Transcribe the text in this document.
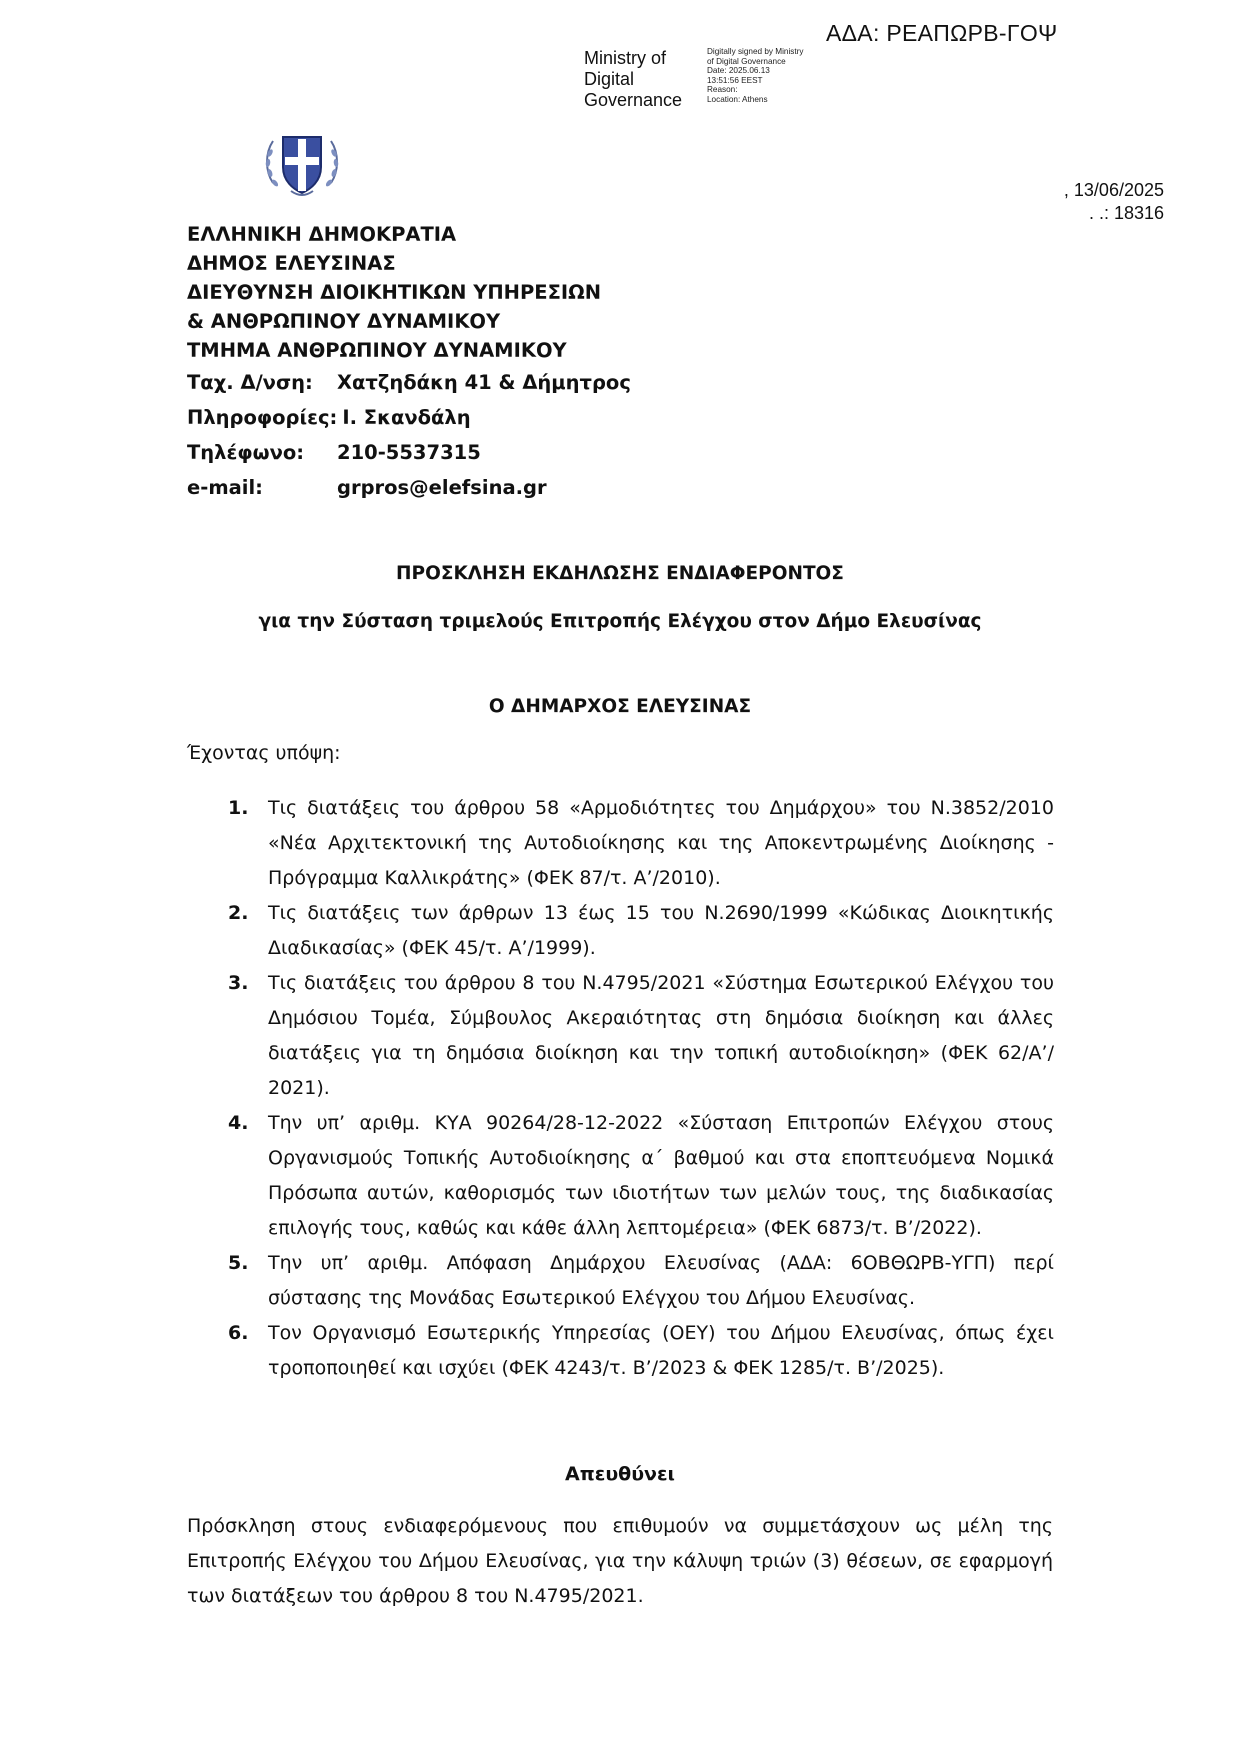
ΑΔΑ: ΡΕΑΠΩΡΒ-ΓΟΨ
Ministry of
Digital
Governance
Digitally signed by Ministry
of Digital Governance
Date: 2025.06.13
13:51:56 EEST
Reason:
Location: Athens
, 13/06/2025
. .: 18316
ΕΛΛΗΝΙΚΗ ΔΗΜΟΚΡΑΤΙΑ
ΔΗΜΟΣ ΕΛΕΥΣΙΝΑΣ
ΔΙΕΥΘΥΝΣΗ ΔΙΟΙΚΗΤΙΚΩΝ ΥΠΗΡΕΣΙΩΝ
& ΑΝΘΡΩΠΙΝΟΥ ΔΥΝΑΜΙΚΟΥ
ΤΜΗΜΑ ΑΝΘΡΩΠΙΝΟΥ ΔΥΝΑΜΙΚΟΥ
Ταχ. Δ/νση:	Χατζηδάκη 41 & Δήμητρος
Πληροφορίες: Ι. Σκανδάλη
Τηλέφωνο:	210-5537315
e-mail:	grpros@elefsina.gr
ΠΡΟΣΚΛΗΣΗ ΕΚΔΗΛΩΣΗΣ ΕΝΔΙΑΦΕΡΟΝΤΟΣ
για την Σύσταση τριμελούς Επιτροπής Ελέγχου στον Δήμο Ελευσίνας
Ο ΔΗΜΑΡΧΟΣ ΕΛΕΥΣΙΝΑΣ
Έχοντας υπόψη:
1.	Τις διατάξεις του άρθρου 58 «Αρμοδιότητες του Δημάρχου» του Ν.3852/2010 «Νέα Αρχιτεκτονική της Αυτοδιοίκησης και της Αποκεντρωμένης Διοίκησης - Πρόγραμμα Καλλικράτης» (ΦΕΚ 87/τ. Α’/2010).
2.	Τις διατάξεις των άρθρων 13 έως 15 του Ν.2690/1999 «Κώδικας Διοικητικής Διαδικασίας» (ΦΕΚ 45/τ. Α’/1999).
3.	Τις διατάξεις του άρθρου 8 του Ν.4795/2021 «Σύστημα Εσωτερικού Ελέγχου του Δημόσιου Τομέα, Σύμβουλος Ακεραιότητας στη δημόσια διοίκηση και άλλες διατάξεις για τη δημόσια διοίκηση και την τοπική αυτοδιοίκηση» (ΦΕΚ 62/Α’/ 2021).
4.	Την υπ’ αριθμ. ΚΥΑ 90264/28-12-2022 «Σύσταση Επιτροπών Ελέγχου στους Οργανισμούς Τοπικής Αυτοδιοίκησης α΄ βαθμού και στα εποπτευόμενα Νομικά Πρόσωπα αυτών, καθορισμός των ιδιοτήτων των μελών τους, της διαδικασίας επιλογής τους, καθώς και κάθε άλλη λεπτομέρεια» (ΦΕΚ 6873/τ. Β’/2022).
5.	Την υπ’ αριθμ. Απόφαση Δημάρχου Ελευσίνας (ΑΔΑ: 6ΟΒΘΩΡΒ-ΥΓΠ) περί σύστασης της Μονάδας Εσωτερικού Ελέγχου του Δήμου Ελευσίνας.
6.	Τον Οργανισμό Εσωτερικής Υπηρεσίας (ΟΕΥ) του Δήμου Ελευσίνας, όπως έχει τροποποιηθεί και ισχύει (ΦΕΚ 4243/τ. Β’/2023 & ΦΕΚ 1285/τ. Β’/2025).
Απευθύνει

Πρόσκληση στους ενδιαφερόμενους που επιθυμούν να συμμετάσχουν ως μέλη της Επιτροπής Ελέγχου του Δήμου Ελευσίνας, για την κάλυψη τριών (3) θέσεων, σε εφαρμογή των διατάξεων του άρθρου 8 του Ν.4795/2021.
